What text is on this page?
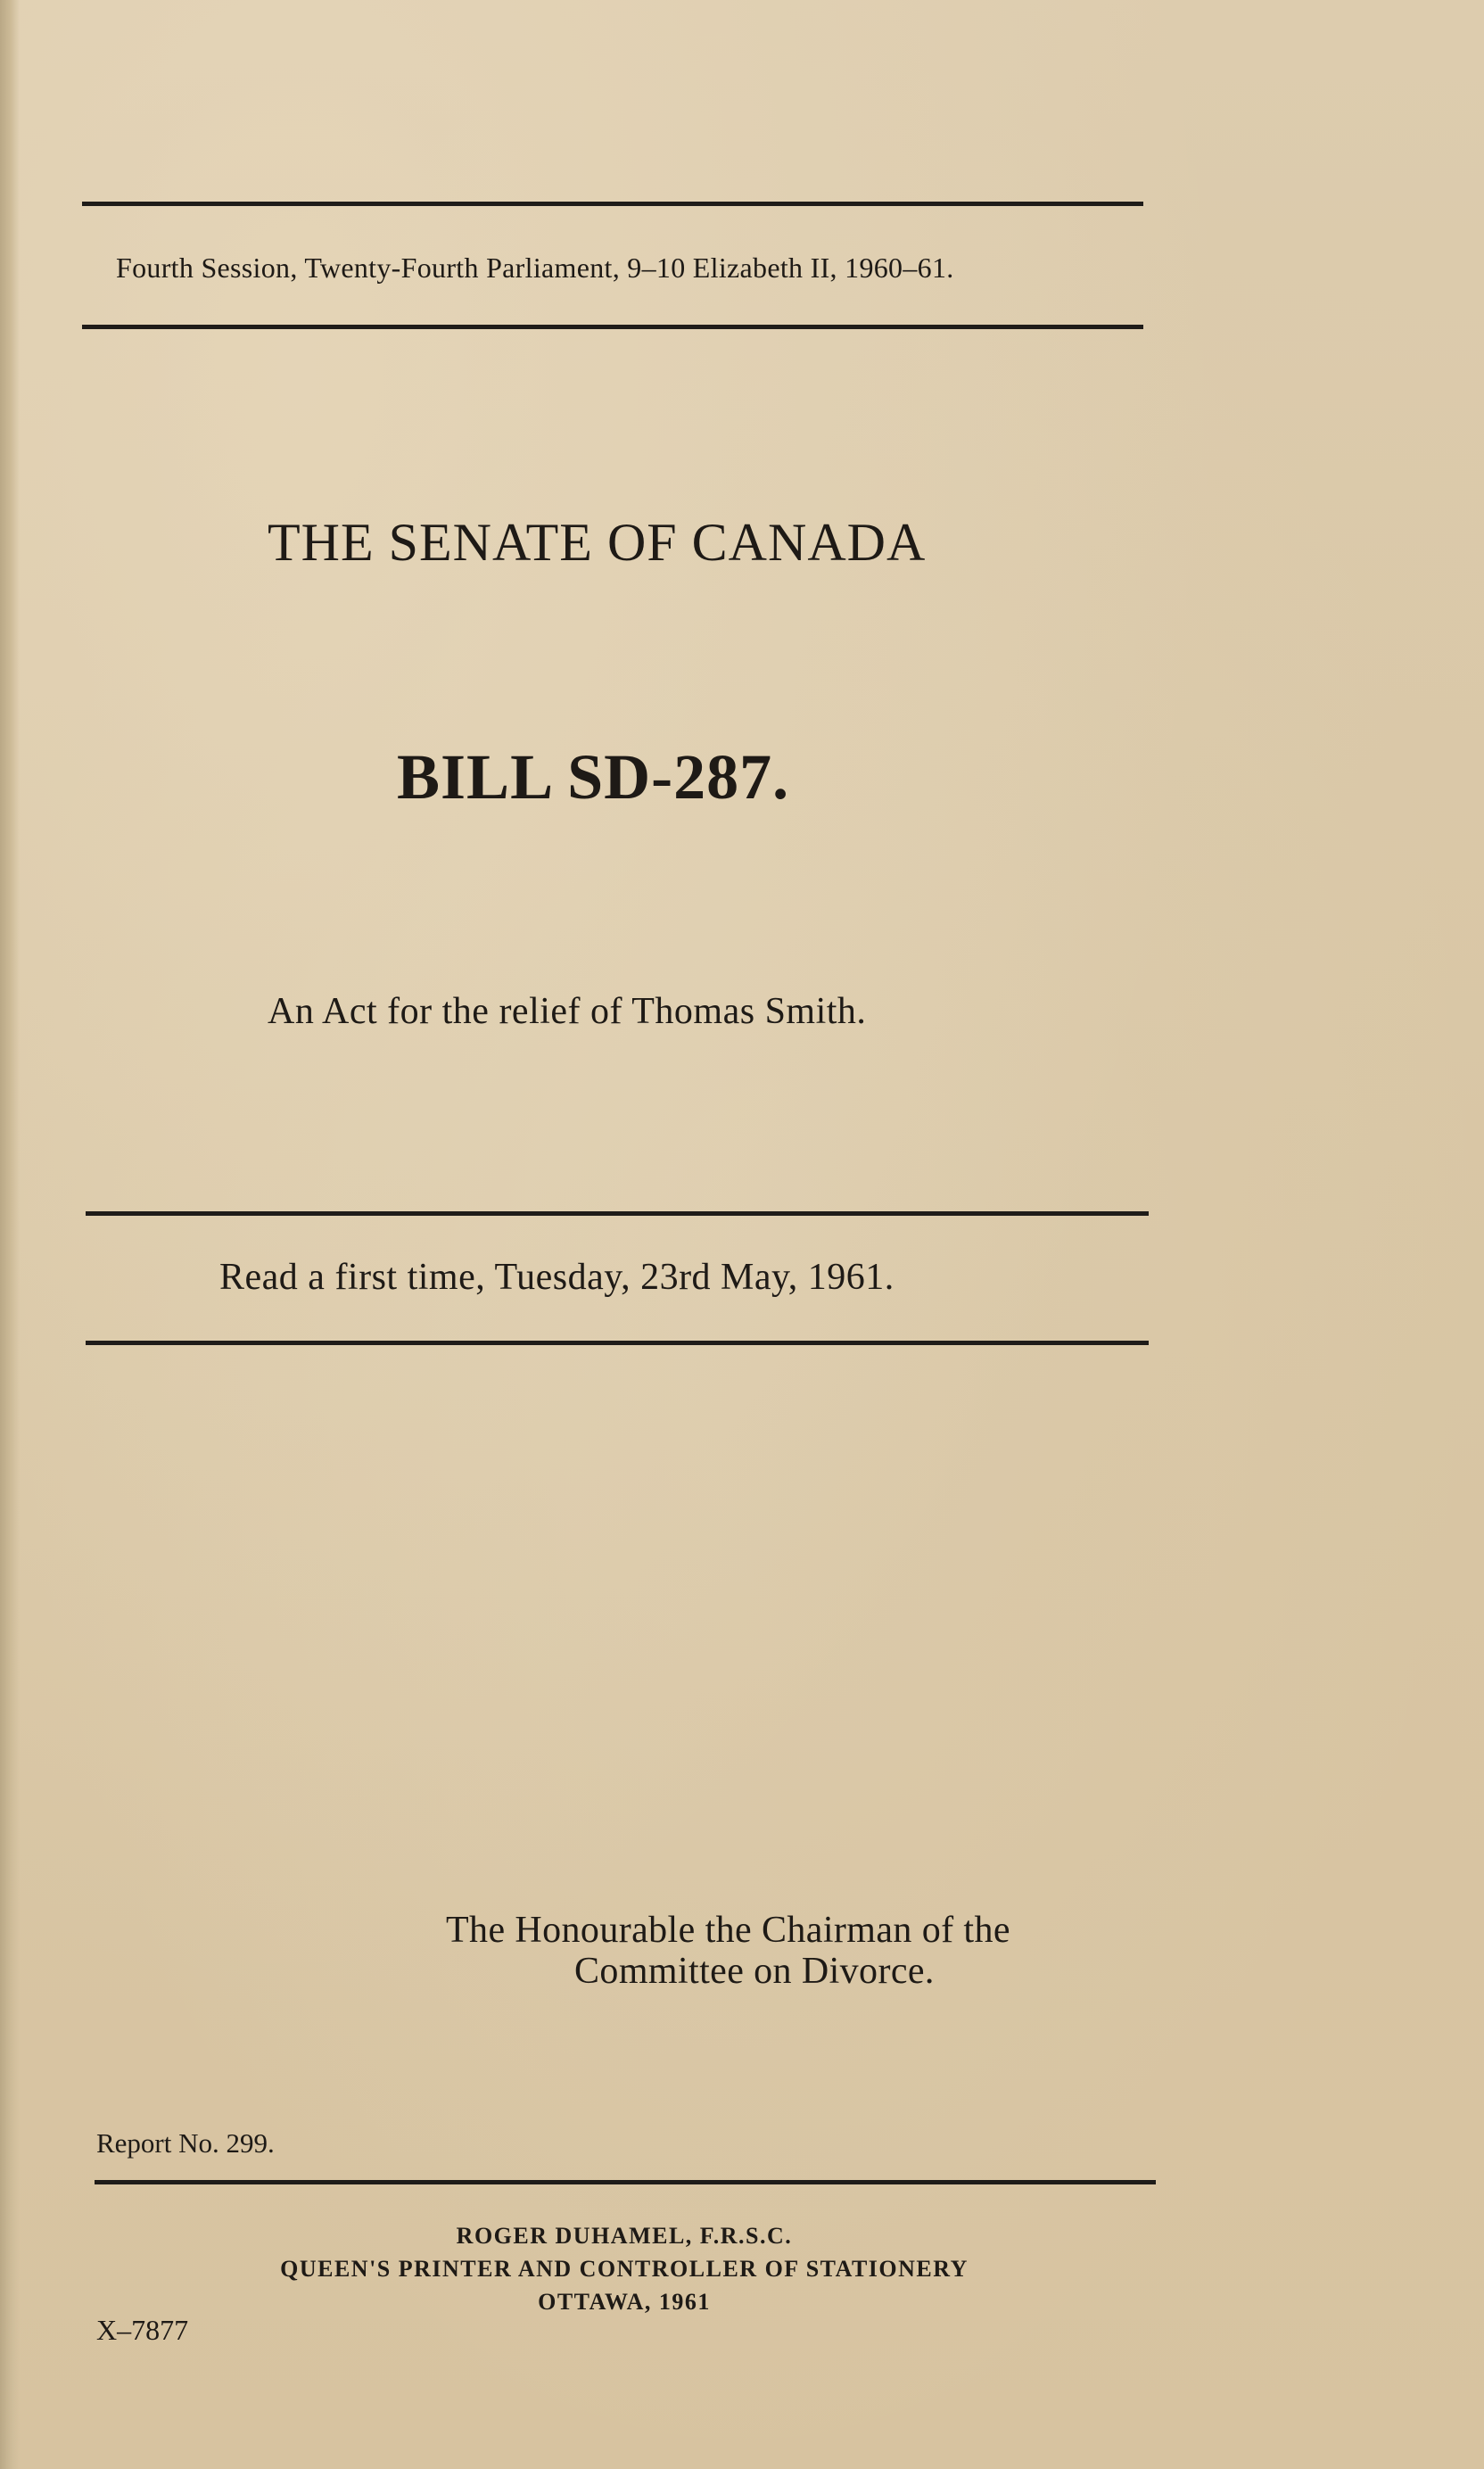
Fourth Session, Twenty-Fourth Parliament, 9–10 Elizabeth II, 1960–61.
THE SENATE OF CANADA
BILL SD-287.
An Act for the relief of Thomas Smith.
Read a first time, Tuesday, 23rd May, 1961.
The Honourable the Chairman of the
Committee on Divorce.
Report No. 299.
ROGER DUHAMEL, F.R.S.C.
QUEEN'S PRINTER AND CONTROLLER OF STATIONERY
OTTAWA, 1961
X–7877
